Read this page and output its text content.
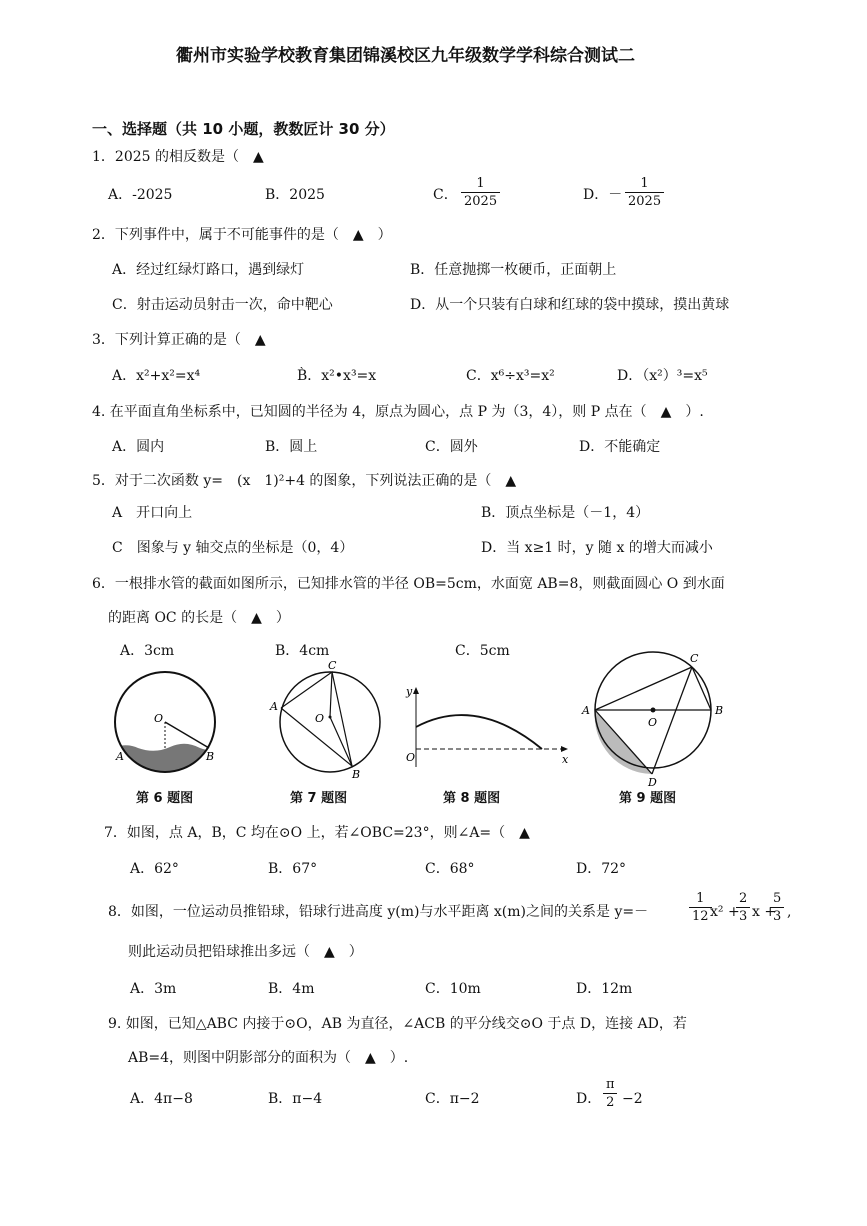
衢州市实验学校教育集团锦溪校区九年级数学学科综合测试二
一、选择题（共 10 小题，教数匠计 30 分）
1．2025 的相反数是（　▲
A．-2025	B．2025	C． $\frac{1}{2025}$	D．－ $\frac{1}{2025}$
2．下列事件中，属于不可能事件的是（　▲　）
A．经过红绿灯路口，遇到绿灯	B．任意抛掷一枚硬币，正面朝上
C．射击运动员射击一次，命中靶心	D．从一个只装有白球和红球的袋中摸球，摸出黄球
3．下列计算正确的是（　▲
A．x²+x²=x⁴	B̀．x²•x³=x	C．x⁶÷x³=x²	D．（x²）³=x⁵
4. 在平面直角坐标系中，已知圆的半径为 4，原点为圆心，点 P 为（3，4），则 P 点在（　▲　）.
A．圆内	B．圆上	C．圆外	D．不能确定
5．对于二次函数 y=　(x　1)²+4 的图象，下列说法正确的是（　▲
A　开口向上	B．顶点坐标是（－1，4）
C　图象与 y 轴交点的坐标是（0，4）	D．当 x≥1 时，y 随 x 的增大而减小
6．一根排水管的截面如图所示，已知排水管的半径 OB=5cm，水面宽 AB=8，则截面圆心 O 到水面
的距离 OC 的长是（　▲　）
A．3cm	B．4cm	C．5cm
O
A	B
A
B
C
O
y
x
O
A	B
C
D
O
第 6 题图	第 7 题图	第 8 题图	第 9 题图
7．如图，点 A，B，C 均在⊙O 上，若∠OBC=23°，则∠A=（　▲
A．62°	B．67°	C．68°	D．72°
8．如图，一位运动员推铅球，铅球行进高度 y(m)与水平距离 x(m)之间的关系是 y=－	$\frac{1}{12}$
x² +
$\frac{2}{3}$ x +
$\frac{5}{3}$ ,
则此运动员把铅球推出多远（　▲　）
A．3m	B．4m	C．10m	D．12m
9. 如图，已知△ABC 内接于⊙O，AB 为直径，∠ACB 的平分线交⊙O 于点 D，连接 AD，若
AB=4，则图中阴影部分的面积为（　▲　）.
A．4π−8	B．π−4	C．π−2	D． $\frac{\pi}{2} -2$
